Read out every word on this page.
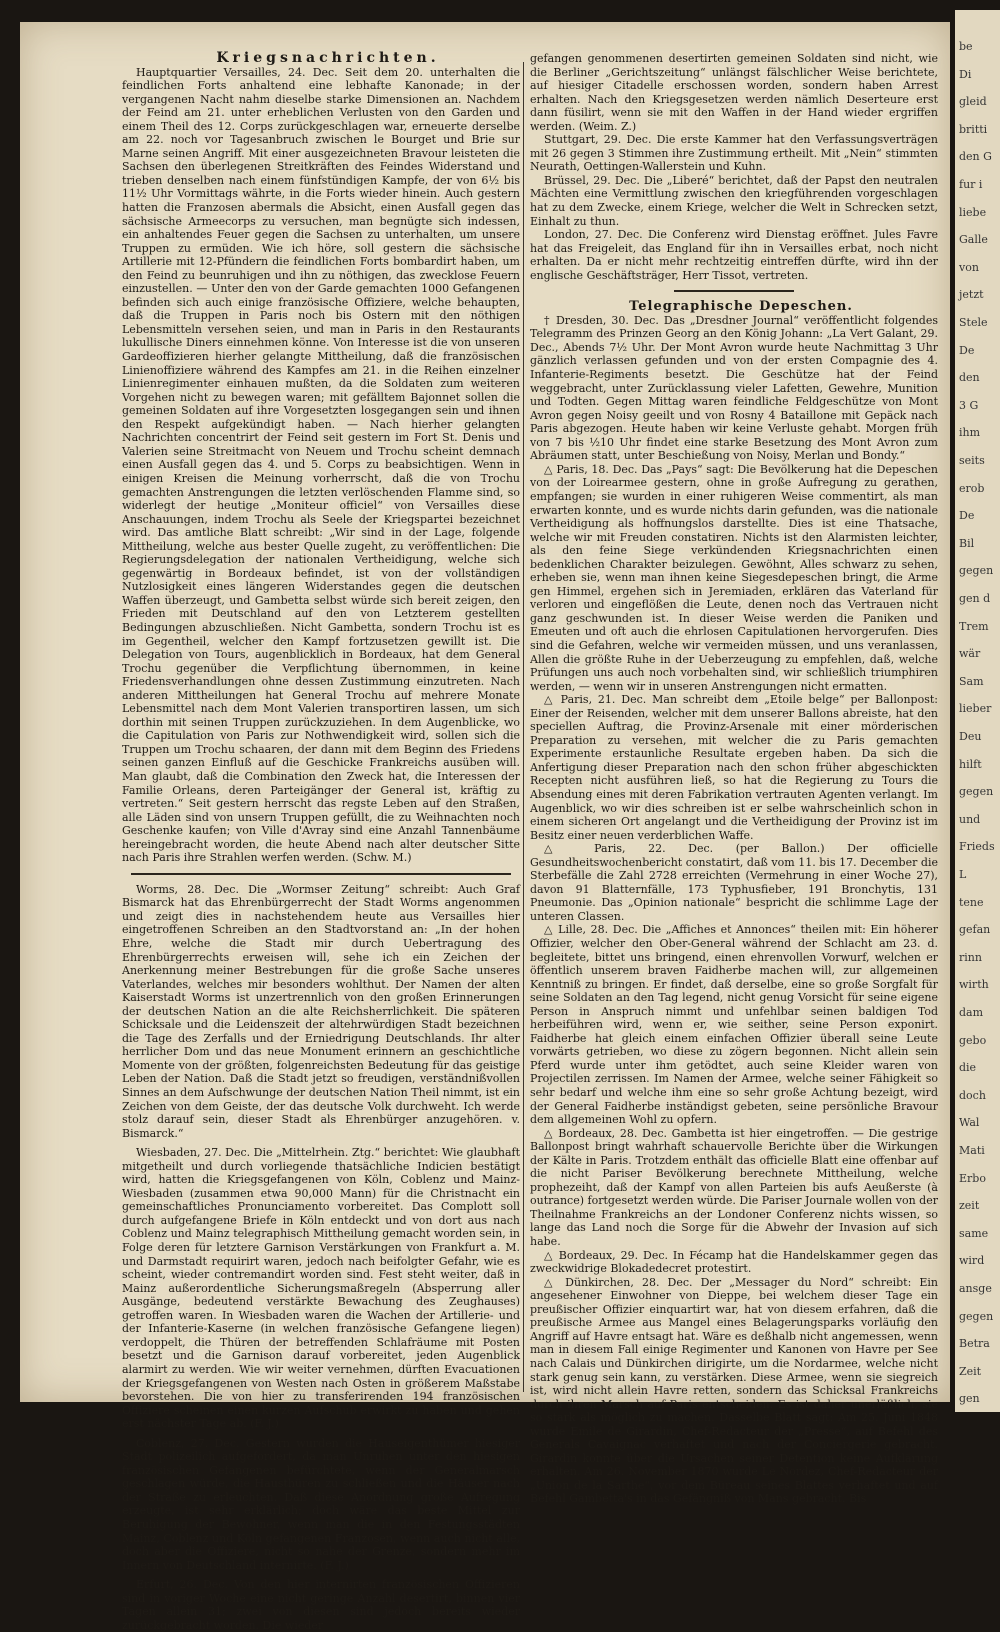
Kriegsnachrichten.

Hauptquartier Versailles, 24. Dec. Seit dem 20. unterhalten die feindlichen Forts anhaltend eine lebhafte Kanonade; in der vergangenen Nacht nahm dieselbe starke Dimensionen an. Nachdem der Feind am 21. unter erheblichen Verlusten von den Garden und einem Theil des 12. Corps zurückgeschlagen war, erneuerte derselbe am 22. noch vor Tagesanbruch zwischen le Bourget und Brie sur Marne seinen Angriff. Mit einer ausgezeichneten Bravour leisteten die Sachsen den überlegenen Streitkräften des Feindes Widerstand und trieben denselben nach einem fünfstündigen Kampfe, der von 6½ bis 11½ Uhr Vormittags währte, in die Forts wieder hinein. Auch gestern hatten die Franzosen abermals die Absicht, einen Ausfall gegen das sächsische Armeecorps zu versuchen, man begnügte sich indessen, ein anhaltendes Feuer gegen die Sachsen zu unterhalten, um unsere Truppen zu ermüden. Wie ich höre, soll gestern die sächsische Artillerie mit 12-Pfündern die feindlichen Forts bombardirt haben, um den Feind zu beunruhigen und ihn zu nöthigen, das zwecklose Feuern einzustellen. — Unter den von der Garde gemachten 1000 Gefangenen befinden sich auch einige französische Offiziere, welche behaupten, daß die Truppen in Paris noch bis Ostern mit den nöthigen Lebensmitteln versehen seien, und man in Paris in den Restaurants lukullische Diners einnehmen könne. Von Interesse ist die von unseren Gardeoffizieren hierher gelangte Mittheilung, daß die französischen Linienoffiziere während des Kampfes am 21. in die Reihen einzelner Linienregimenter einhauen mußten, da die Soldaten zum weiteren Vorgehen nicht zu bewegen waren; mit gefälltem Bajonnet sollen die gemeinen Soldaten auf ihre Vorgesetzten losgegangen sein und ihnen den Respekt aufgekündigt haben. — Nach hierher gelangten Nachrichten concentrirt der Feind seit gestern im Fort St. Denis und Valerien seine Streitmacht von Neuem und Trochu scheint demnach einen Ausfall gegen das 4. und 5. Corps zu beabsichtigen. Wenn in einigen Kreisen die Meinung vorherrscht, daß die von Trochu gemachten Anstrengungen die letzten verlöschenden Flamme sind, so widerlegt der heutige „Moniteur officiel“ von Versailles diese Anschauungen, indem Trochu als Seele der Kriegspartei bezeichnet wird. Das amtliche Blatt schreibt: „Wir sind in der Lage, folgende Mittheilung, welche aus bester Quelle zugeht, zu veröffentlichen: Die Regierungsdelegation der nationalen Vertheidigung, welche sich gegenwärtig in Bordeaux befindet, ist von der vollständigen Nutzlosigkeit eines längeren Widerstandes gegen die deutschen Waffen überzeugt, und Gambetta selbst würde sich bereit zeigen, den Frieden mit Deutschland auf den von Letzterem gestellten Bedingungen abzuschließen. Nicht Gambetta, sondern Trochu ist es im Gegentheil, welcher den Kampf fortzusetzen gewillt ist. Die Delegation von Tours, augenblicklich in Bordeaux, hat dem General Trochu gegenüber die Verpflichtung übernommen, in keine Friedensverhandlungen ohne dessen Zustimmung einzutreten. Nach anderen Mittheilungen hat General Trochu auf mehrere Monate Lebensmittel nach dem Mont Valerien transportiren lassen, um sich dorthin mit seinen Truppen zurückzuziehen. In dem Augenblicke, wo die Capitulation von Paris zur Nothwendigkeit wird, sollen sich die Truppen um Trochu schaaren, der dann mit dem Beginn des Friedens seinen ganzen Einfluß auf die Geschicke Frankreichs ausüben will. Man glaubt, daß die Combination den Zweck hat, die Interessen der Familie Orleans, deren Parteigänger der General ist, kräftig zu vertreten.“ Seit gestern herrscht das regste Leben auf den Straßen, alle Läden sind von unsern Truppen gefüllt, die zu Weihnachten noch Geschenke kaufen; von Ville d'Avray sind eine Anzahl Tannenbäume hereingebracht worden, die heute Abend nach alter deutscher Sitte nach Paris ihre Strahlen werfen werden. (Schw. M.)

Worms, 28. Dec. Die „Wormser Zeitung“ schreibt: Auch Graf Bismarck hat das Ehrenbürgerrecht der Stadt Worms angenommen und zeigt dies in nachstehendem heute aus Versailles hier eingetroffenen Schreiben an den Stadtvorstand an: „In der hohen Ehre, welche die Stadt mir durch Uebertragung des Ehrenbürgerrechts erweisen will, sehe ich ein Zeichen der Anerkennung meiner Bestrebungen für die große Sache unseres Vaterlandes, welches mir besonders wohlthut. Der Namen der alten Kaiserstadt Worms ist unzertrennlich von den großen Erinnerungen der deutschen Nation an die alte Reichsherrlichkeit. Die späteren Schicksale und die Leidenszeit der altehrwürdigen Stadt bezeichnen die Tage des Zerfalls und der Erniedrigung Deutschlands. Ihr alter herrlicher Dom und das neue Monument erinnern an geschichtliche Momente von der größten, folgenreichsten Bedeutung für das geistige Leben der Nation. Daß die Stadt jetzt so freudigen, verständnißvollen Sinnes an dem Aufschwunge der deutschen Nation Theil nimmt, ist ein Zeichen von dem Geiste, der das deutsche Volk durchweht. Ich werde stolz darauf sein, dieser Stadt als Ehrenbürger anzugehören. v. Bismarck.“

Wiesbaden, 27. Dec. Die „Mittelrhein. Ztg.“ berichtet: Wie glaubhaft mitgetheilt und durch vorliegende thatsächliche Indicien bestätigt wird, hatten die Kriegsgefangenen von Köln, Coblenz und Mainz-Wiesbaden (zusammen etwa 90,000 Mann) für die Christnacht ein gemeinschaftliches Pronunciamento vorbereitet. Das Complott soll durch aufgefangene Briefe in Köln entdeckt und von dort aus nach Coblenz und Mainz telegraphisch Mittheilung gemacht worden sein, in Folge deren für letztere Garnison Verstärkungen von Frankfurt a. M. und Darmstadt requirirt waren, jedoch nach beifolgter Gefahr, wie es scheint, wieder contremandirt worden sind. Fest steht weiter, daß in Mainz außerordentliche Sicherungsmaßregeln (Absperrung aller Ausgänge, bedeutend verstärkte Bewachung des Zeughauses) getroffen waren. In Wiesbaden waren die Wachen der Artillerie- und der Infanterie-Kaserne (in welchen französische Gefangene liegen) verdoppelt, die Thüren der betreffenden Schlafräume mit Posten besetzt und die Garnison darauf vorbereitet, jeden Augenblick alarmirt zu werden. Wie wir weiter vernehmen, dürften Evacuationen der Kriegsgefangenen von Westen nach Osten in größerem Maßstabe bevorstehen. Die von hier zu transferirenden 194 französischen Offiziere scheinen einen kurzen Aufschub erwirkt zu haben und gehen erst nächster Tage ab. (F. J.)

Coblenz, 27. Dec. Gestern wurden die Hauseigenthümer hiesiger Stadt polizeilich aufgefordert, da man Unruhen unter den hiesigen französischen Gefangenen befürchtete, wenn der Generalmarsch geschlagen würde, die Hausthüren zu schließen und die Häuser nach der Straße zu erleuchten. Daß diese Anordnung große Aufregung erzeugte, ist sehr erklärlich; doch wäre das beste Mittel zur Beruhigung der Bewohner, wenn man die in den Festungsstädten Mainz, Coblenz und Köln gefangenen Franzosen, wenn auch nicht alle, doch aber die Offiziere, nicht so nahe der Grenze, sondern mehr im Innern von Deutschland internirte. (F. J.)

Erfurt, 26. Dec. Von den hier internirten französischen Offizieren sind in voriger Woche eine nicht geringe Anzahl desertirt, binnen vier Tagen allein 31; zwei von diesen sind jedoch bereits wieder zurückgebracht worden. Die wieder

gefangen genommenen desertirten gemeinen Soldaten sind nicht, wie die Berliner „Gerichtszeitung“ unlängst fälschlicher Weise berichtete, auf hiesiger Citadelle erschossen worden, sondern haben Arrest erhalten. Nach den Kriegsgesetzen werden nämlich Deserteure erst dann füsilirt, wenn sie mit den Waffen in der Hand wieder ergriffen werden. (Weim. Z.)

Stuttgart, 29. Dec. Die erste Kammer hat den Verfassungsverträgen mit 26 gegen 3 Stimmen ihre Zustimmung ertheilt. Mit „Nein“ stimmten Neurath, Oettingen-Wallerstein und Kuhn.

Brüssel, 29. Dec. Die „Liberé“ berichtet, daß der Papst den neutralen Mächten eine Vermittlung zwischen den kriegführenden vorgeschlagen hat zu dem Zwecke, einem Kriege, welcher die Welt in Schrecken setzt, Einhalt zu thun.

London, 27. Dec. Die Conferenz wird Dienstag eröffnet. Jules Favre hat das Freigeleit, das England für ihn in Versailles erbat, noch nicht erhalten. Da er nicht mehr rechtzeitig eintreffen dürfte, wird ihn der englische Geschäftsträger, Herr Tissot, vertreten.

Telegraphische Depeschen.

† Dresden, 30. Dec. Das „Dresdner Journal“ veröffentlicht folgendes Telegramm des Prinzen Georg an den König Johann: „La Vert Galant, 29. Dec., Abends 7½ Uhr. Der Mont Avron wurde heute Nachmittag 3 Uhr gänzlich verlassen gefunden und von der ersten Compagnie des 4. Infanterie-Regiments besetzt. Die Geschütze hat der Feind weggebracht, unter Zurücklassung vieler Lafetten, Gewehre, Munition und Todten. Gegen Mittag waren feindliche Feldgeschütze von Mont Avron gegen Noisy geeilt und von Rosny 4 Bataillone mit Gepäck nach Paris abgezogen. Heute haben wir keine Verluste gehabt. Morgen früh von 7 bis ½10 Uhr findet eine starke Besetzung des Mont Avron zum Abräumen statt, unter Beschießung von Noisy, Merlan und Bondy.“

△ Paris, 18. Dec. Das „Pays“ sagt: Die Bevölkerung hat die Depeschen von der Loirearmee gestern, ohne in große Aufregung zu gerathen, empfangen; sie wurden in einer ruhigeren Weise commentirt, als man erwarten konnte, und es wurde nichts darin gefunden, was die nationale Vertheidigung als hoffnungslos darstellte. Dies ist eine Thatsache, welche wir mit Freuden constatiren. Nichts ist den Alarmisten leichter, als den feine Siege verkündenden Kriegsnachrichten einen bedenklichen Charakter beizulegen. Gewöhnt, Alles schwarz zu sehen, erheben sie, wenn man ihnen keine Siegesdepeschen bringt, die Arme gen Himmel, ergehen sich in Jeremiaden, erklären das Vaterland für verloren und eingeflößen die Leute, denen noch das Vertrauen nicht ganz geschwunden ist. In dieser Weise werden die Paniken und Emeuten und oft auch die ehrlosen Capitulationen hervorgerufen. Dies sind die Gefahren, welche wir vermeiden müssen, und uns veranlassen, Allen die größte Ruhe in der Ueberzeugung zu empfehlen, daß, welche Prüfungen uns auch noch vorbehalten sind, wir schließlich triumphiren werden, — wenn wir in unseren Anstrengungen nicht ermatten.

△ Paris, 21. Dec. Man schreibt dem „Etoile belge“ per Ballonpost: Einer der Reisenden, welcher mit dem unserer Ballons abreiste, hat den speciellen Auftrag, die Provinz-Arsenale mit einer mörderischen Preparation zu versehen, mit welcher die zu Paris gemachten Experimente erstaunliche Resultate ergeben haben. Da sich die Anfertigung dieser Preparation nach den schon früher abgeschickten Recepten nicht ausführen ließ, so hat die Regierung zu Tours die Absendung eines mit deren Fabrikation vertrauten Agenten verlangt. Im Augenblick, wo wir dies schreiben ist er selbe wahrscheinlich schon in einem sicheren Ort angelangt und die Vertheidigung der Provinz ist im Besitz einer neuen verderblichen Waffe.

△ Paris, 22. Dec. (per Ballon.) Der officielle Gesundheitswochenbericht constatirt, daß vom 11. bis 17. December die Sterbefälle die Zahl 2728 erreichten (Vermehrung in einer Woche 27), davon 91 Blatternfälle, 173 Typhusfieber, 191 Bronchytis, 131 Pneumonie. Das „Opinion nationale“ bespricht die schlimme Lage der unteren Classen.

△ Lille, 28. Dec. Die „Affiches et Annonces“ theilen mit: Ein höherer Offizier, welcher den Ober-General während der Schlacht am 23. d. begleitete, bittet uns bringend, einen ehrenvollen Vorwurf, welchen er öffentlich unserem braven Faidherbe machen will, zur allgemeinen Kenntniß zu bringen. Er findet, daß derselbe, eine so große Sorgfalt für seine Soldaten an den Tag legend, nicht genug Vorsicht für seine eigene Person in Anspruch nimmt und unfehlbar seinen baldigen Tod herbeiführen wird, wenn er, wie seither, seine Person exponirt. Faidherbe hat gleich einem einfachen Offizier überall seine Leute vorwärts getrieben, wo diese zu zögern begonnen. Nicht allein sein Pferd wurde unter ihm getödtet, auch seine Kleider waren von Projectilen zerrissen. Im Namen der Armee, welche seiner Fähigkeit so sehr bedarf und welche ihm eine so sehr große Achtung bezeigt, wird der General Faidherbe inständigst gebeten, seine persönliche Bravour dem allgemeinen Wohl zu opfern.

△ Bordeaux, 28. Dec. Gambetta ist hier eingetroffen. — Die gestrige Ballonpost bringt wahrhaft schauervolle Berichte über die Wirkungen der Kälte in Paris. Trotzdem enthält das officielle Blatt eine offenbar auf die nicht Pariser Bevölkerung berechnete Mittheilung, welche prophezeiht, daß der Kampf von allen Parteien bis aufs Aeußerste (à outrance) fortgesetzt werden würde. Die Pariser Journale wollen von der Theilnahme Frankreichs an der Londoner Conferenz nichts wissen, so lange das Land noch die Sorge für die Abwehr der Invasion auf sich habe.

△ Bordeaux, 29. Dec. In Fécamp hat die Handelskammer gegen das zweckwidrige Blokadedecret protestirt.

△ Dünkirchen, 28. Dec. Der „Messager du Nord“ schreibt: Ein angesehener Einwohner von Dieppe, bei welchem dieser Tage ein preußischer Offizier einquartirt war, hat von diesem erfahren, daß die preußische Armee aus Mangel eines Belagerungsparks vorläufig den Angriff auf Havre entsagt hat. Wäre es deßhalb nicht angemessen, wenn man in diesem Fall einige Regimenter und Kanonen von Havre per See nach Calais und Dünkirchen dirigirte, um die Nordarmee, welche nicht stark genug sein kann, zu verstärken. Diese Armee, wenn sie siegreich ist, wird nicht allein Havre retten, sondern das Schicksal Frankreichs durch ihren Marsch auf Paris entscheiden. Es ist daher unerläßlich, sie so stark als möglich zu machen. Dasselbe Blatt sagt: Am 25. Juni 1848 wurde Emile de Girardin, Chef-Redacteur der „Presse“, auf Befehl des Generals Cavaignac verhaftet und nach der Conciergerie gebracht. Girardin konnte über die Ursachen seiner Detention keine Aufklärung erhalten. Am 26. November 1870 wurde Le Nordez, Chef-Redacteur der „Union de la Sarthe“, vor dem Büreau seines Blattes verhaftet und auf Befehl Gambetta's in das Gefängniß von Mans gebracht. Bis

be
Di
gleid
britti
den G
fur i
liebe
Galle
von
jetzt
Stele
De
den
3 G
ihm
seits
erob
De
Bil
gegen
gen d
Trem
wär
Sam
lieber
Deu
hilft
gegen
und
Frieds
L
tene
gefan
rinn
wirth
dam
gebo
die
doch
Wal
Mati
Erbo
zeit
same
wird
ansge
gegen
Betra
Zeit
gen
